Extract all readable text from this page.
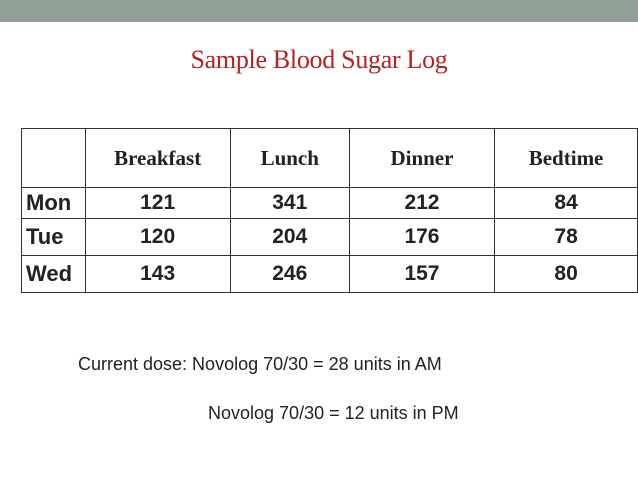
Sample Blood Sugar Log
	Breakfast	Lunch	Dinner	Bedtime
Mon	121	341	212	84
Tue	120	204	176	78
Wed	143	246	157	80
Current dose: Novolog 70/30 = 28 units in AM
Novolog 70/30 = 12 units in PM
